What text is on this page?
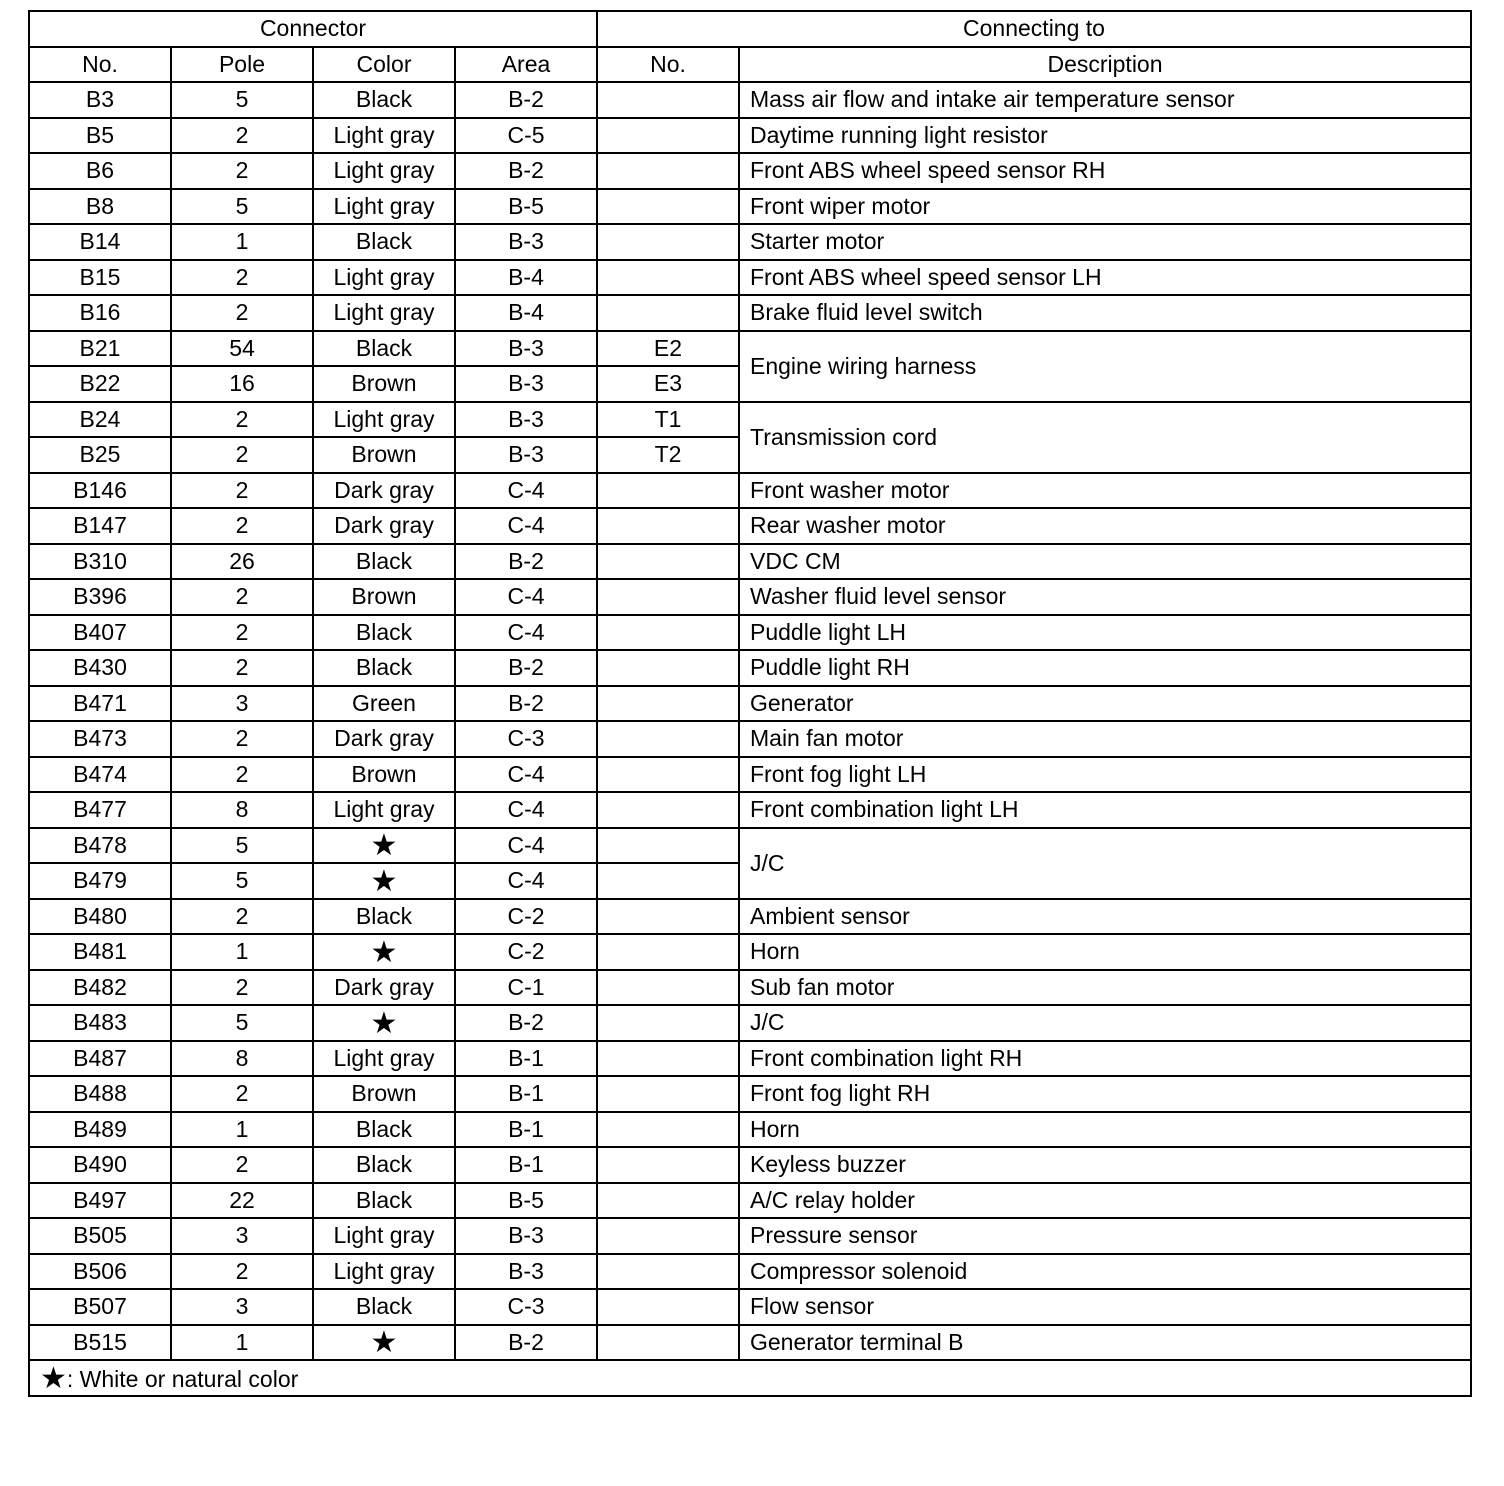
Connector				Connecting to	
No.	Pole	Color	Area	No.	Description
B3	5	Black	B-2		Mass air flow and intake air temperature sensor
B5	2	Light gray	C-5		Daytime running light resistor
B6	2	Light gray	B-2		Front ABS wheel speed sensor RH
B8	5	Light gray	B-5		Front wiper motor
B14	1	Black	B-3		Starter motor
B15	2	Light gray	B-4		Front ABS wheel speed sensor LH
B16	2	Light gray	B-4		Brake fluid level switch
B21	54	Black	B-3	E2	Engine wiring harness
B22	16	Brown	B-3	E3	
B24	2	Light gray	B-3	T1	Transmission cord
B25	2	Brown	B-3	T2	
B146	2	Dark gray	C-4		Front washer motor
B147	2	Dark gray	C-4		Rear washer motor
B310	26	Black	B-2		VDC CM
B396	2	Brown	C-4		Washer fluid level sensor
B407	2	Black	C-4		Puddle light LH
B430	2	Black	B-2		Puddle light RH
B471	3	Green	B-2		Generator
B473	2	Dark gray	C-3		Main fan motor
B474	2	Brown	C-4		Front fog light LH
B477	8	Light gray	C-4		Front combination light LH
B478	5	★	C-4		J/C
B479	5	★	C-4		
B480	2	Black	C-2		Ambient sensor
B481	1	★	C-2		Horn
B482	2	Dark gray	C-1		Sub fan motor
B483	5	★	B-2		J/C
B487	8	Light gray	B-1		Front combination light RH
B488	2	Brown	B-1		Front fog light RH
B489	1	Black	B-1		Horn
B490	2	Black	B-1		Keyless buzzer
B497	22	Black	B-5		A/C relay holder
B505	3	Light gray	B-3		Pressure sensor
B506	2	Light gray	B-3		Compressor solenoid
B507	3	Black	C-3		Flow sensor
B515	1	★	B-2		Generator terminal B
★: White or natural color					
